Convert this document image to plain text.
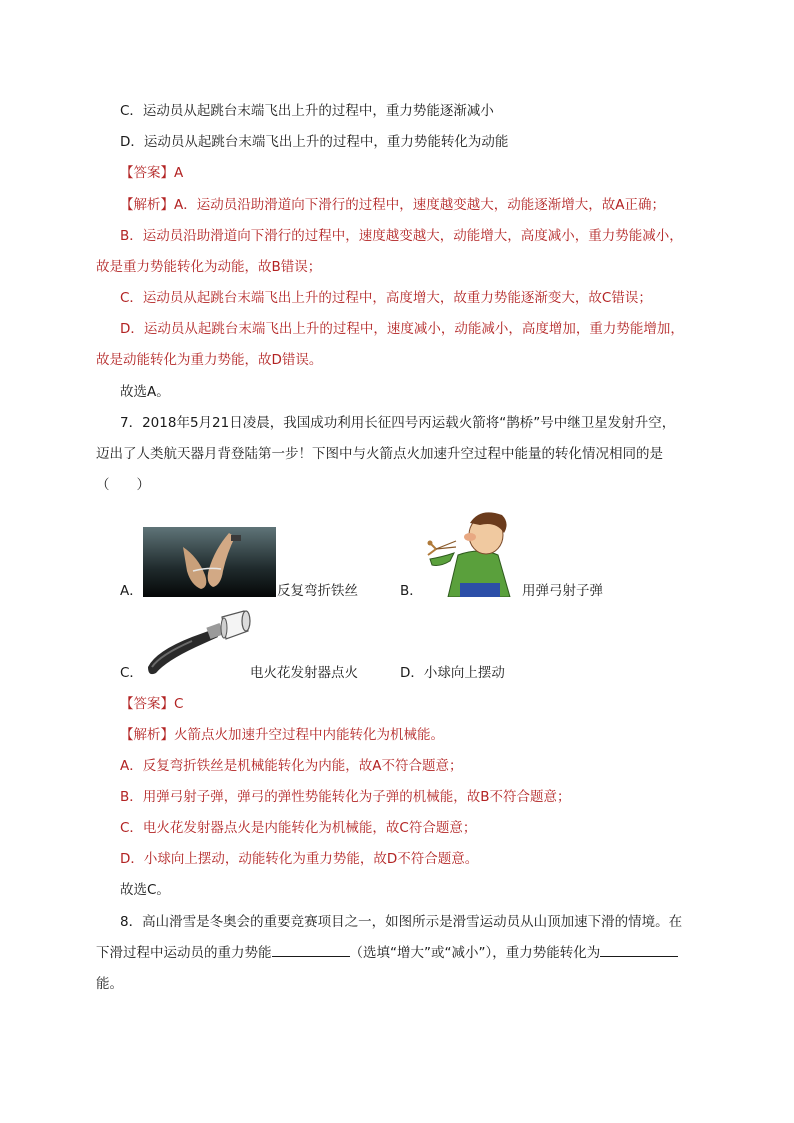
C．运动员从起跳台末端飞出上升的过程中，重力势能逐渐减小
D．运动员从起跳台末端飞出上升的过程中，重力势能转化为动能
【答案】A
【解析】A．运动员沿助滑道向下滑行的过程中，速度越变越大，动能逐渐增大，故A正确；
B．运动员沿助滑道向下滑行的过程中，速度越变越大，动能增大，高度减小，重力势能减小，
故是重力势能转化为动能，故B错误；
C．运动员从起跳台末端飞出上升的过程中，高度增大，故重力势能逐渐变大，故C错误；
D．运动员从起跳台末端飞出上升的过程中，速度减小，动能减小，高度增加，重力势能增加，
故是动能转化为重力势能，故D错误。
故选A。
7．2018年5月21日凌晨，我国成功利用长征四号丙运载火箭将“鹊桥”号中继卫星发射升空，
迈出了人类航天器月背登陆第一步！下图中与火箭点火加速升空过程中能量的转化情况相同的是
（　　）
A．	反复弯折铁丝	B．	用弹弓射子弹
C．	电火花发射器点火	D．小球向上摆动
【答案】C
【解析】火箭点火加速升空过程中内能转化为机械能。
A．反复弯折铁丝是机械能转化为内能，故A不符合题意；
B．用弹弓射子弹，弹弓的弹性势能转化为子弹的机械能，故B不符合题意；
C．电火花发射器点火是内能转化为机械能，故C符合题意；
D．小球向上摆动，动能转化为重力势能，故D不符合题意。
故选C。
8．高山滑雪是冬奥会的重要竞赛项目之一，如图所示是滑雪运动员从山顶加速下滑的情境。在
下滑过程中运动员的重力势能	（选填“增大”或“减小”），重力势能转化为
能。
